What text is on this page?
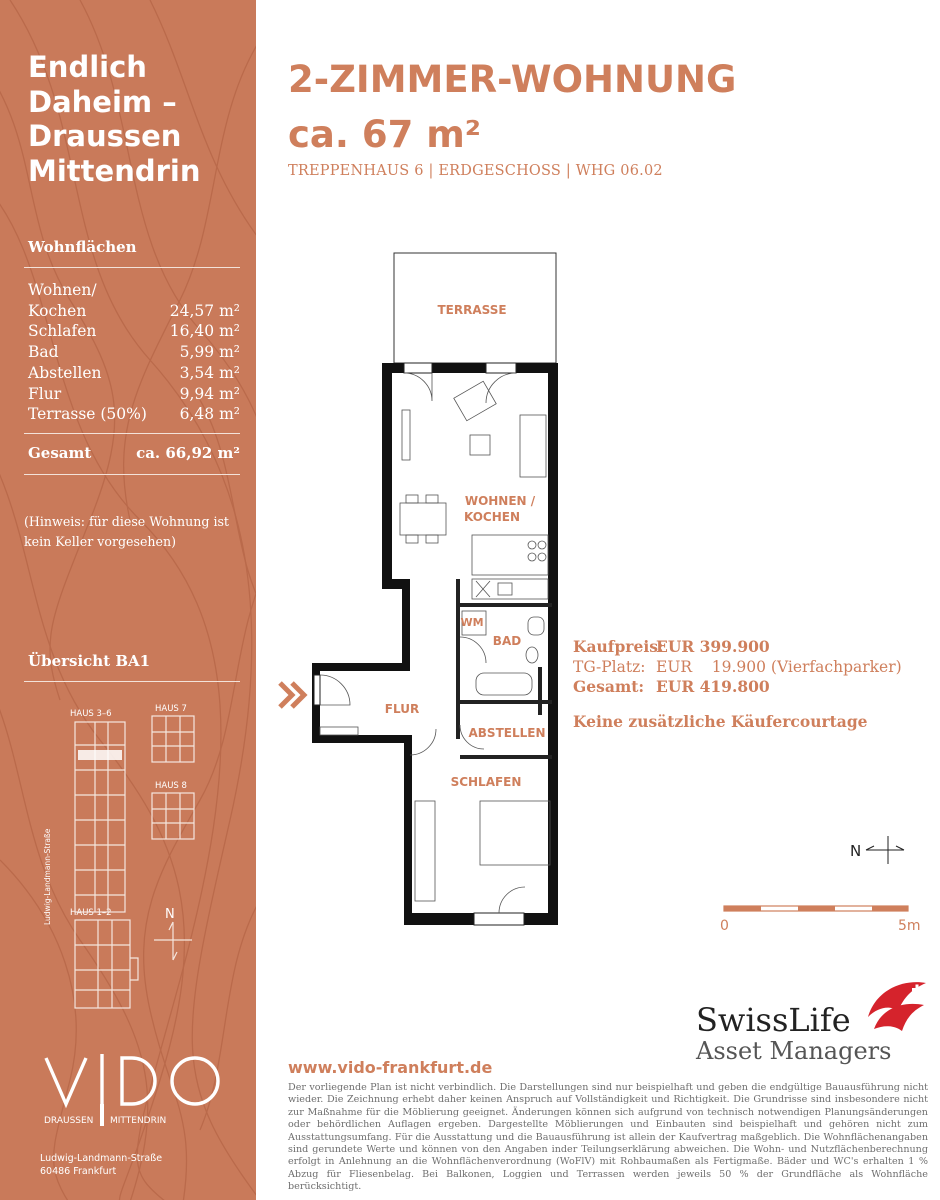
Endlich
Daheim –
Draussen
Mittendrin
Wohnflächen
Wohnen/
Kochen	24,57 m²
Schlafen	16,40 m²
Bad	5,99 m²
Abstellen	3,54 m²
Flur	9,94 m²
Terrasse (50%) 6,48 m²
Gesamt	ca. 66,92 m²
(Hinweis: für diese Wohnung ist kein Keller vorgesehen)
Übersicht BA1
HAUS 3–6	HAUS 7
HAUS 8
HAUS 1–2	N
Ludwig-Landmann-Straße
DRAUSSEN MITTENDRIN
Ludwig-Landmann-Straße
60486 Frankfurt
2-ZIMMER-WOHNUNG
ca. 67 m²
TREPPENHAUS 6 | ERDGESCHOSS | WHG 06.02
TERRASSE
WOHNEN /
KOCHEN
WM
BAD
FLUR
ABSTELLEN
SCHLAFEN
Kaufpreis:EUR 399.900
TG-Platz: EUR    19.900 (Vierfachparker)
Gesamt: EUR 419.800
Keine zusätzliche Käufercourtage
N
0	5m
SwissLife
Asset Managers
www.vido-frankfurt.de
Der vorliegende Plan ist nicht verbindlich. Die Darstellungen sind nur beispielhaft und geben die endgültige Bauausführung nicht wieder. Die Zeichnung erhebt daher keinen Anspruch auf Vollständigkeit und Richtigkeit. Die Grundrisse sind insbesondere nicht zur Maßnahme für die Möblierung geeignet. Änderungen können sich aufgrund von technisch notwendigen Planungsänderungen oder behördlichen Auflagen ergeben. Dargestellte Möblierungen und Einbauten sind beispielhaft und gehören nicht zum Ausstattungsumfang. Für die Ausstattung und die Bauausführung ist allein der Kaufvertrag maßgeblich. Die Wohnflächenangaben sind gerundete Werte und können von den Angaben inder Teilungserklärung abweichen. Die Wohn- und Nutzflächenberechnung erfolgt in Anlehnung an die Wohnflächenverordnung (WoFlV) mit Rohbaumaßen als Fertigmaße. Bäder und WC's erhalten 1 % Abzug für Fliesenbelag. Bei Balkonen, Loggien und Terrassen werden jeweils 50 % der Grundfläche als Wohnfläche berücksichtigt.
